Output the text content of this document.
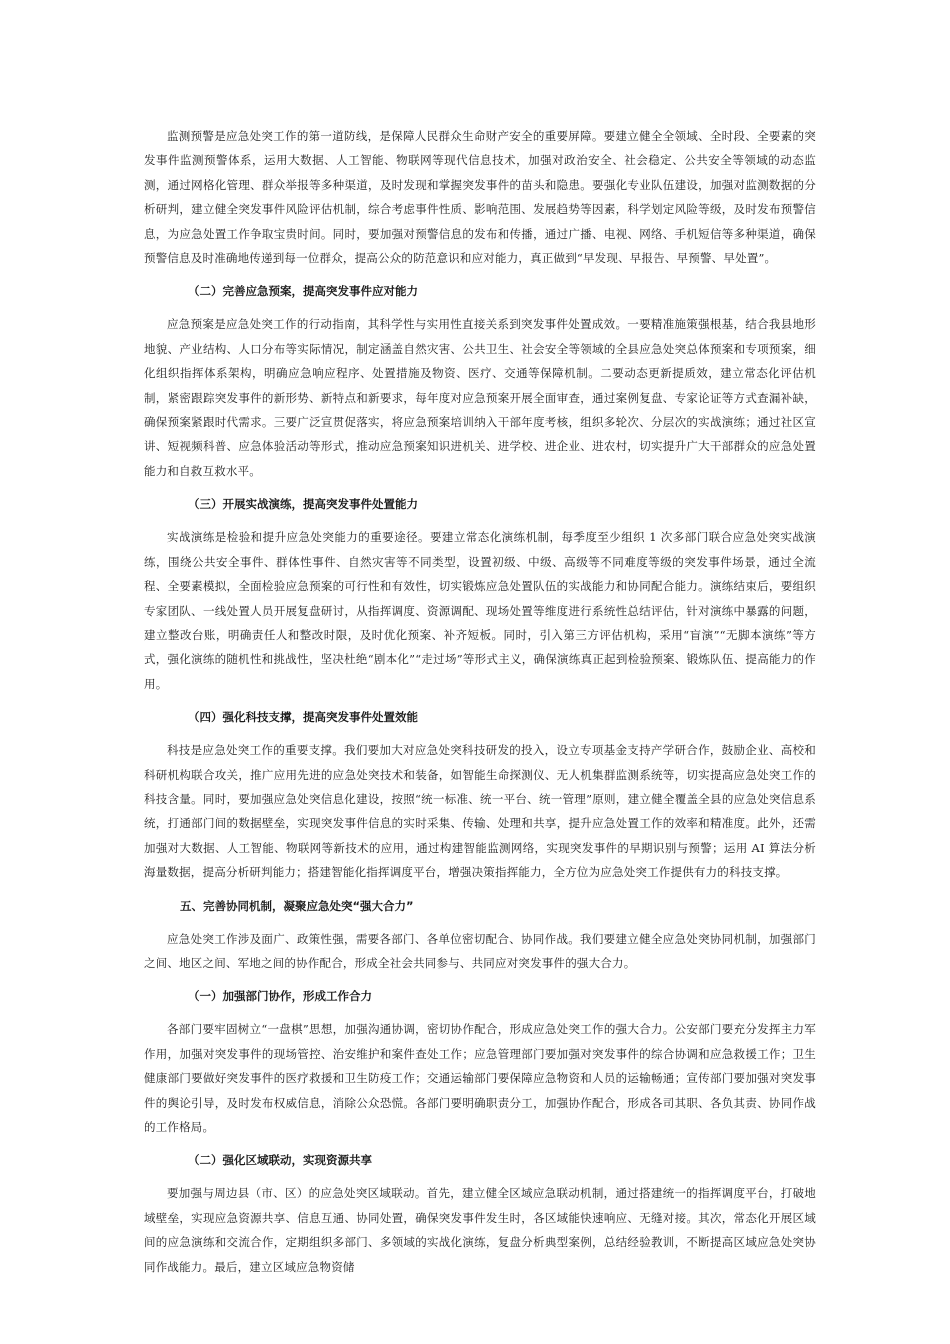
监测预警是应急处突工作的第一道防线，是保障人民群众生命财产安全的重要屏障。要建立健全全领域、全时段、全要素的突发事件监测预警体系，运用大数据、人工智能、物联网等现代信息技术，加强对政治安全、社会稳定、公共安全等领域的动态监测，通过网格化管理、群众举报等多种渠道，及时发现和掌握突发事件的苗头和隐患。要强化专业队伍建设，加强对监测数据的分析研判，建立健全突发事件风险评估机制，综合考虑事件性质、影响范围、发展趋势等因素，科学划定风险等级，及时发布预警信息，为应急处置工作争取宝贵时间。同时，要加强对预警信息的发布和传播，通过广播、电视、网络、手机短信等多种渠道，确保预警信息及时准确地传递到每一位群众，提高公众的防范意识和应对能力，真正做到“早发现、早报告、早预警、早处置”。

（二）完善应急预案，提高突发事件应对能力

应急预案是应急处突工作的行动指南，其科学性与实用性直接关系到突发事件处置成效。一要精准施策强根基，结合我县地形地貌、产业结构、人口分布等实际情况，制定涵盖自然灾害、公共卫生、社会安全等领域的全县应急处突总体预案和专项预案，细化组织指挥体系架构，明确应急响应程序、处置措施及物资、医疗、交通等保障机制。二要动态更新提质效，建立常态化评估机制，紧密跟踪突发事件的新形势、新特点和新要求，每年度对应急预案开展全面审查，通过案例复盘、专家论证等方式查漏补缺，确保预案紧跟时代需求。三要广泛宣贯促落实，将应急预案培训纳入干部年度考核，组织多轮次、分层次的实战演练；通过社区宣讲、短视频科普、应急体验活动等形式，推动应急预案知识进机关、进学校、进企业、进农村，切实提升广大干部群众的应急处置能力和自救互救水平。

（三）开展实战演练，提高突发事件处置能力

实战演练是检验和提升应急处突能力的重要途径。要建立常态化演练机制，每季度至少组织 1 次多部门联合应急处突实战演练，围绕公共安全事件、群体性事件、自然灾害等不同类型，设置初级、中级、高级等不同难度等级的突发事件场景，通过全流程、全要素模拟，全面检验应急预案的可行性和有效性，切实锻炼应急处置队伍的实战能力和协同配合能力。演练结束后，要组织专家团队、一线处置人员开展复盘研讨，从指挥调度、资源调配、现场处置等维度进行系统性总结评估，针对演练中暴露的问题，建立整改台账，明确责任人和整改时限，及时优化预案、补齐短板。同时，引入第三方评估机构，采用“盲演”“无脚本演练”等方式，强化演练的随机性和挑战性，坚决杜绝“剧本化”“走过场”等形式主义，确保演练真正起到检验预案、锻炼队伍、提高能力的作用。

（四）强化科技支撑，提高突发事件处置效能

科技是应急处突工作的重要支撑。我们要加大对应急处突科技研发的投入，设立专项基金支持产学研合作，鼓励企业、高校和科研机构联合攻关，推广应用先进的应急处突技术和装备，如智能生命探测仪、无人机集群监测系统等，切实提高应急处突工作的科技含量。同时，要加强应急处突信息化建设，按照“统一标准、统一平台、统一管理”原则，建立健全覆盖全县的应急处突信息系统，打通部门间的数据壁垒，实现突发事件信息的实时采集、传输、处理和共享，提升应急处置工作的效率和精准度。此外，还需加强对大数据、人工智能、物联网等新技术的应用，通过构建智能监测网络，实现突发事件的早期识别与预警；运用 AI 算法分析海量数据，提高分析研判能力；搭建智能化指挥调度平台，增强决策指挥能力，全方位为应急处突工作提供有力的科技支撑。

五、完善协同机制，凝聚应急处突“强大合力”

应急处突工作涉及面广、政策性强，需要各部门、各单位密切配合、协同作战。我们要建立健全应急处突协同机制，加强部门之间、地区之间、军地之间的协作配合，形成全社会共同参与、共同应对突发事件的强大合力。

（一）加强部门协作，形成工作合力

各部门要牢固树立“一盘棋”思想，加强沟通协调，密切协作配合，形成应急处突工作的强大合力。公安部门要充分发挥主力军作用，加强对突发事件的现场管控、治安维护和案件查处工作；应急管理部门要加强对突发事件的综合协调和应急救援工作；卫生健康部门要做好突发事件的医疗救援和卫生防疫工作；交通运输部门要保障应急物资和人员的运输畅通；宣传部门要加强对突发事件的舆论引导，及时发布权威信息，消除公众恐慌。各部门要明确职责分工，加强协作配合，形成各司其职、各负其责、协同作战的工作格局。

（二）强化区域联动，实现资源共享

要加强与周边县（市、区）的应急处突区域联动。首先，建立健全区域应急联动机制，通过搭建统一的指挥调度平台，打破地域壁垒，实现应急资源共享、信息互通、协同处置，确保突发事件发生时，各区域能快速响应、无缝对接。其次，常态化开展区域间的应急演练和交流合作，定期组织多部门、多领域的实战化演练，复盘分析典型案例，总结经验教训，不断提高区域应急处突协同作战能力。最后，建立区域应急物资储
